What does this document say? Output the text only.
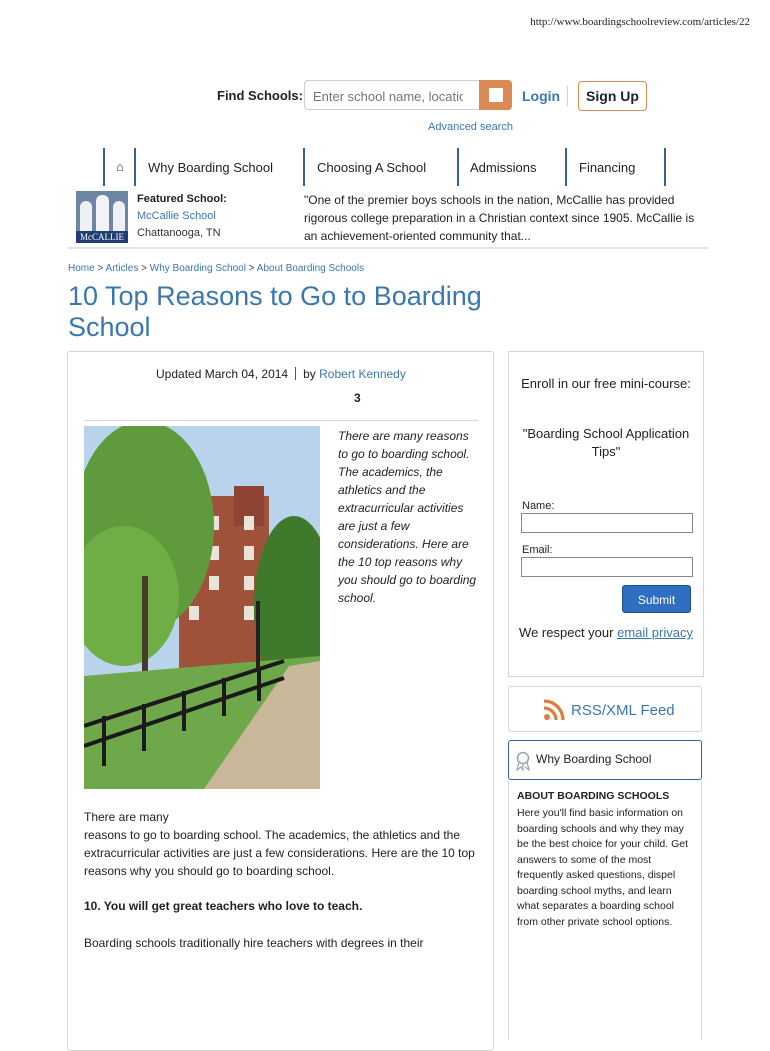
http://www.boardingschoolreview.com/articles/22
Find Schools:
Enter school name, location	Login	Sign Up
Advanced search
⌂ Why Boarding School	Choosing A School	Admissions	Financing
McCALLIE
Featured School:
McCallie School
Chattanooga, TN
"One of the premier boys schools in the nation, McCallie has provided rigorous college preparation in a Christian context since 1905. McCallie is an achievement-oriented community that...
Home > Articles > Why Boarding School > About Boarding Schools
10 Top Reasons to Go to Boarding School
Updated March 04, 2014 by Robert Kennedy
3
There are many reasons to go to boarding school. The academics, the athletics and the extracurricular activities are just a few considerations. Here are the 10 top reasons why you should go to boarding school.
There are many
reasons to go to boarding school. The academics, the athletics and the extracurricular activities are just a few considerations. Here are the 10 top reasons why you should go to boarding school.
10. You will get great teachers who love to teach.
Boarding schools traditionally hire teachers with degrees in their
Enroll in our free mini-course:
"Boarding School Application Tips"
Name:
Email:
Submit
We respect your email privacy
RSS/XML Feed
Why Boarding School
ABOUT BOARDING SCHOOLS
Here you'll find basic information on boarding schools and why they may be the best choice for your child. Get answers to some of the most frequently asked questions, dispel boarding school myths, and learn what separates a boarding school from other private school options.
